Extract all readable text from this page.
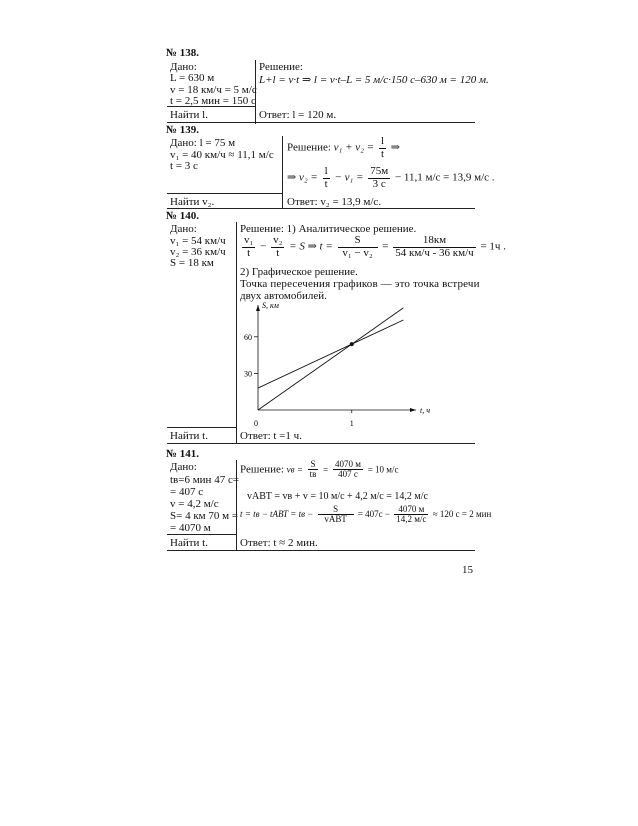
№ 138.
Дано:
L = 630 м
v = 18 км/ч = 5 м/с
t = 2,5 мин = 150 с
Найти l.
Решение:
L+l = v·t ⇒ l = v·t–L = 5 м/с·150 с–630 м = 120 м.
Ответ: l = 120 м.
№ 139.
Дано: l = 75 м
v₁ = 40 км/ч ≈ 11,1 м/с
t = 3 с
Найти v₂.
Решение: $v_1 + v_2 = \frac{l}{t}$ ⇒
⇒ $v_2 = \frac{l}{t} - v_1 = \frac{75м}{3 с} - 11,1$ м/с = 13,9 м/с .
Ответ: v₂ = 13,9 м/с.
№ 140.
Дано:
v₁ = 54 км/ч
v₂ = 36 км/ч
S = 18 км
Найти t.
Решение: 1) Аналитическое решение.
$\frac{\text{v₁}}{t} - \frac{\text{v₂}}{t} = S$ ⇒ $t = \frac{S}{\text{v₁ − v₂}} = \frac{18км}{54 км/ч - 36 км/ч} = 1ч$ .
2) Графическое решение.
Точка пересечения графиков — это точка встречи
двух автомобилей.
30
60
1
0
S, км
t, ч
Ответ: t =1 ч.
№ 141.
Дано:
tв=6 мин 47 с=
= 407 с
v = 4,2 м/с
S= 4 км 70 м =
= 4070 м
Найти t.
Решение: vв = $\frac{S}{tв} = \frac{4070 м}{407 с} = 10$ м/с
vАВТ = vв + v = 10 м/с + 4,2 м/с = 14,2 м/с
t = tв − tАВТ = tв − $\frac{S}{\text{vАВТ}} = 407с - \frac{4070 м}{14,2 м/с} \approx 120$ с = 2 мин
Ответ: t ≈ 2 мин.
15
